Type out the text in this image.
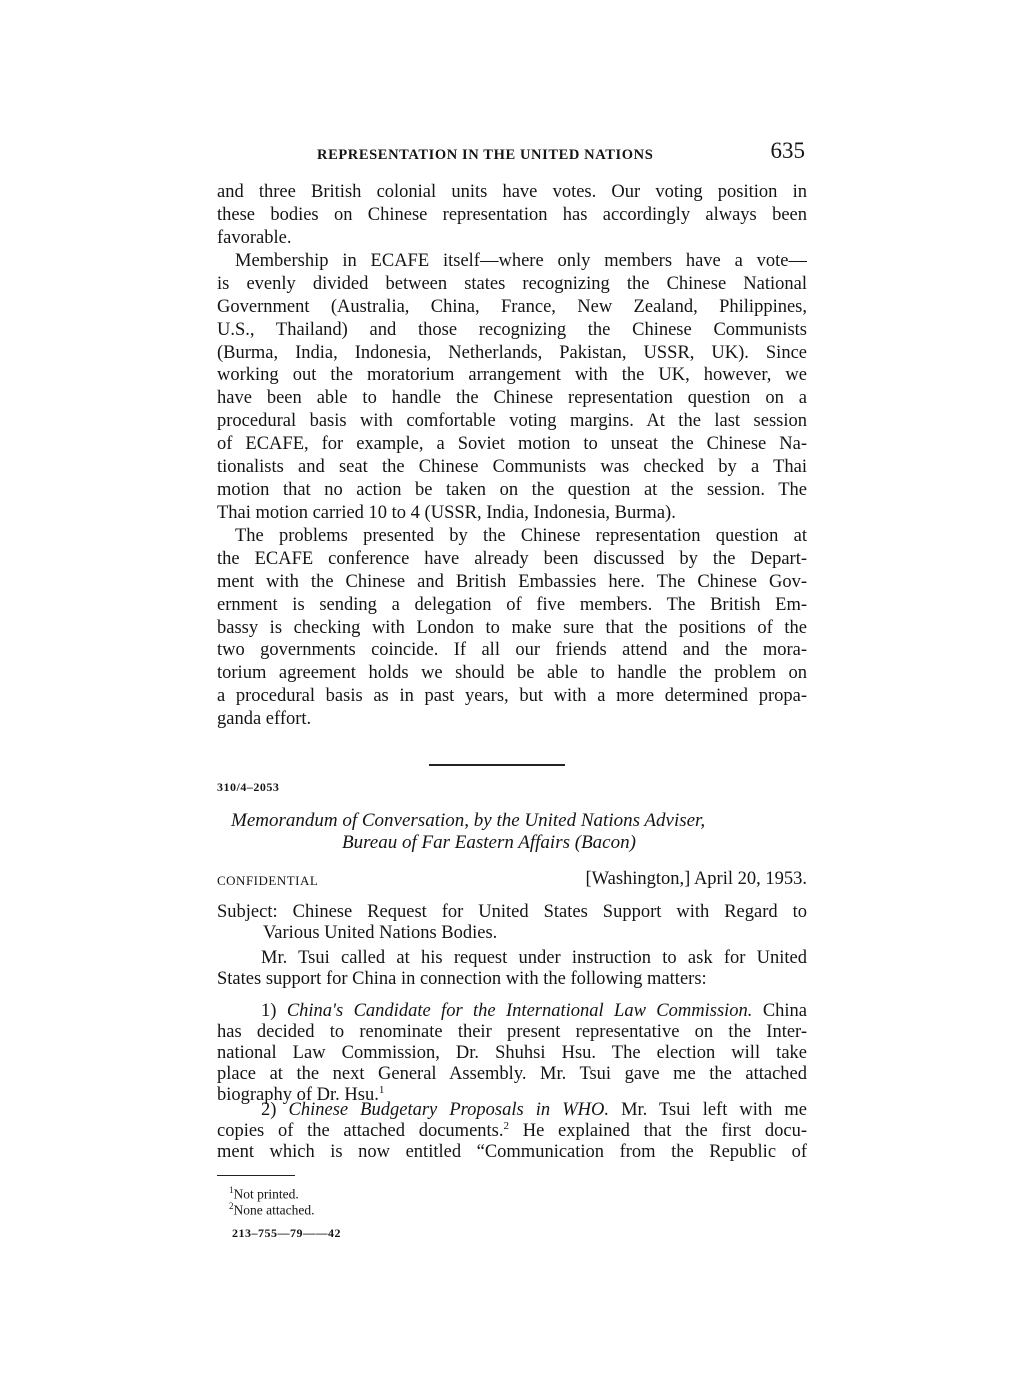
REPRESENTATION IN THE UNITED NATIONS	635
and three British colonial units have votes. Our voting position in
these bodies on Chinese representation has accordingly always been
favorable.
Membership in ECAFE itself—where only members have a vote—
is evenly divided between states recognizing the Chinese National
Government (Australia, China, France, New Zealand, Philippines,
U.S., Thailand) and those recognizing the Chinese Communists
(Burma, India, Indonesia, Netherlands, Pakistan, USSR, UK). Since
working out the moratorium arrangement with the UK, however, we
have been able to handle the Chinese representation question on a
procedural basis with comfortable voting margins. At the last session
of ECAFE, for example, a Soviet motion to unseat the Chinese Na-
tionalists and seat the Chinese Communists was checked by a Thai
motion that no action be taken on the question at the session. The
Thai motion carried 10 to 4 (USSR, India, Indonesia, Burma).
The problems presented by the Chinese representation question at
the ECAFE conference have already been discussed by the Depart-
ment with the Chinese and British Embassies here. The Chinese Gov-
ernment is sending a delegation of five members. The British Em-
bassy is checking with London to make sure that the positions of the
two governments coincide. If all our friends attend and the mora-
torium agreement holds we should be able to handle the problem on
a procedural basis as in past years, but with a more determined propa-
ganda effort.
310/4–2053
Memorandum of Conversation, by the United Nations Adviser,
Bureau of Far Eastern Affairs (Bacon)
CONFIDENTIAL	[Washington,] April 20, 1953.
Subject: Chinese Request for United States Support with Regard to
Various United Nations Bodies.
Mr. Tsui called at his request under instruction to ask for United
States support for China in connection with the following matters:
1) China's Candidate for the International Law Commission. China
has decided to renominate their present representative on the Inter-
national Law Commission, Dr. Shuhsi Hsu. The election will take
place at the next General Assembly. Mr. Tsui gave me the attached
biography of Dr. Hsu.$^1$
2) Chinese Budgetary Proposals in WHO. Mr. Tsui left with me
copies of the attached documents.$^2$ He explained that the first docu-
ment which is now entitled “Communication from the Republic of
$^1$Not printed.
$^2$None attached.
213–755—79——42
